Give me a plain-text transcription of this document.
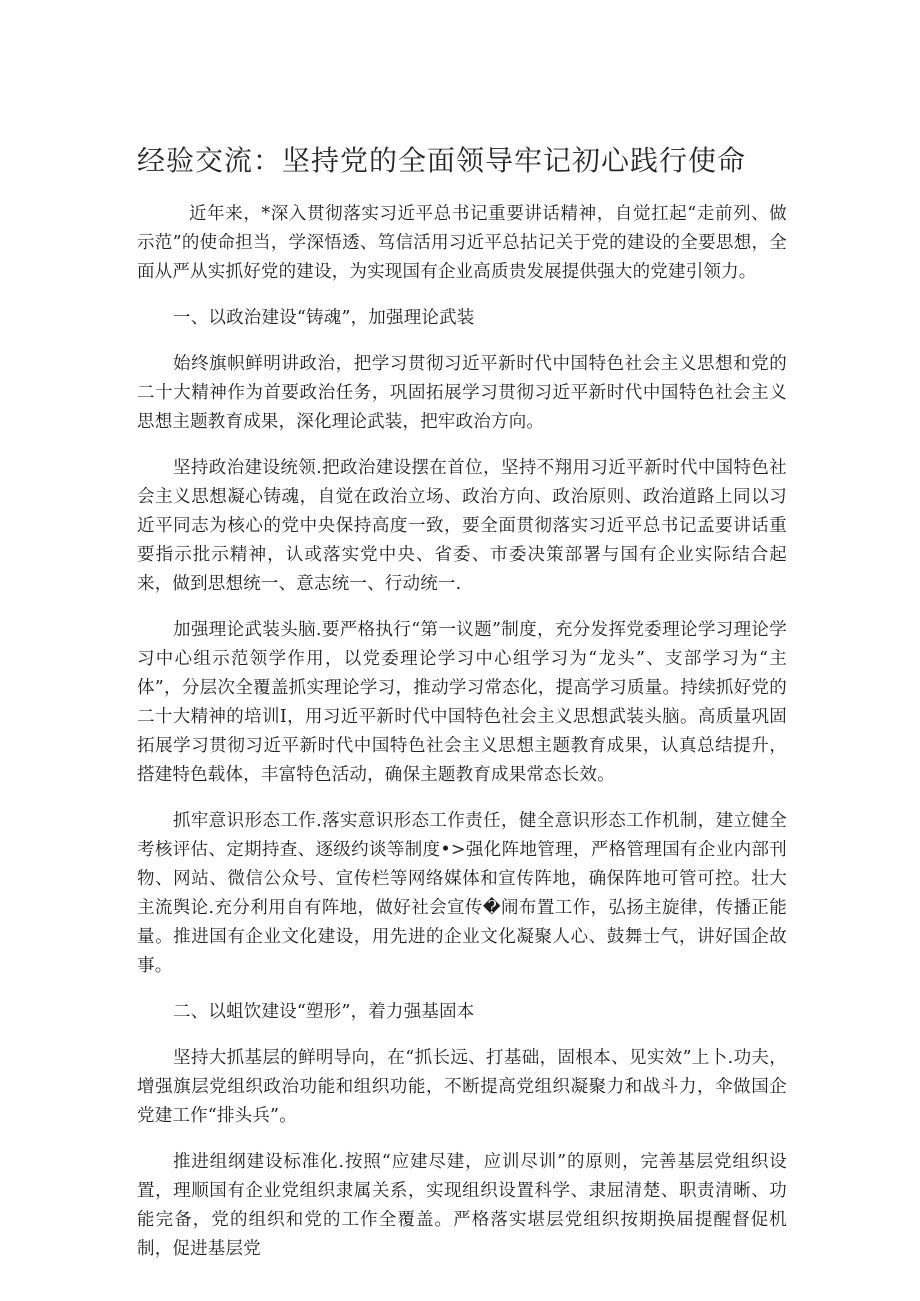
经验交流：坚持党的全面领导牢记初心践行使命

近年来，*深入贯彻落实习近平总书记重要讲话精神，自觉扛起“走前列、做示范”的使命担当，学深悟透、笃信活用习近平总拈记关于党的建设的全要思想，全面从严从实抓好党的建设，为实现国有企业高质贵发展提供强大的党建引领力。

一、以政治建设“铸魂”，加强理论武装

始终旗帜鲜明讲政治，把学习贯彻习近平新时代中国特色社会主义思想和党的二十大精神作为首要政治任务，巩固拓展学习贯彻习近平新时代中国特色社会主义思想主题教育成果，深化理论武装，把牢政治方向。

坚持政治建设统领.把政治建设摆在首位，坚持不翔用习近平新时代中国特色社会主义思想凝心铸魂，自觉在政治立场、政治方向、政治原则、政治道路上同以习近平同志为核心的党中央保持高度一致，要全面贯彻落实习近平总书记孟要讲话重要指示批示精神，认或落实党中央、省委、市委决策部署与国有企业实际结合起来，做到思想统一、意志统一、行动统一.

加强理论武装头脑.要严格执行“第一议题”制度，充分发挥党委理论学习理论学习中心组示范领学作用，以党委理论学习中心组学习为“龙头”、支部学习为“主体”，分层次全覆盖抓实理论学习，推动学习常态化，提高学习质量。持续抓好党的二十大精神的培训I，用习近平新时代中国特色社会主义思想武装头脑。高质量巩固拓展学习贯彻习近平新时代中国特色社会主义思想主题教育成果，认真总结提升，搭建特色载体，丰富特色活动，确保主题教育成果常态长效。

抓牢意识形态工作.落实意识形态工作责任，健全意识形态工作机制，建立健全考核评估、定期持查、逐级约谈等制度•>强化阵地管理，严格管理国有企业内部刊物、网站、微信公众号、宣传栏等网络媒体和宣传阵地，确保阵地可管可控。壮大主流舆论.充分利用自有阵地，做好社会宣传�闹布置工作，弘扬主旋律，传播正能量。推进国有企业文化建设，用先进的企业文化凝聚人心、鼓舞士气，讲好国企故事。

二、以蛆饮建设“塑形”，着力强基固本

坚持大抓基层的鲜明导向，在“抓长远、打基础，固根本、见实效”上卜.功夫，增强旗层党组织政治功能和组织功能，不断提高党组织凝聚力和战斗力，伞做国企党建工作“排头兵”。

推进组纲建设标准化.按照“应建尽建，应训尽训”的原则，完善基层党组织设置，理顺国有企业党组织隶属关系，实现组织设置科学、隶屈清楚、职责清晰、功能完备，党的组织和党的工作全覆盖。严格落实堪层党组织按期换届提醒督促机制，促进基层党
